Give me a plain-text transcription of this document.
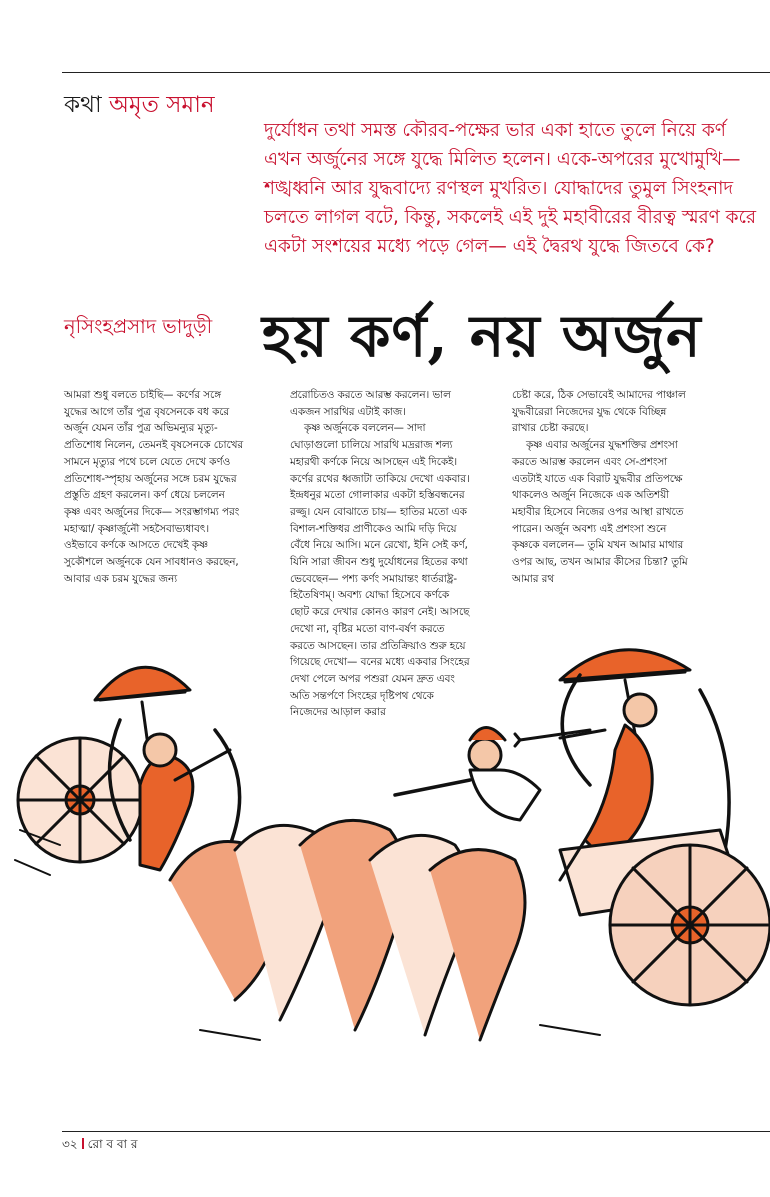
কথা অমৃত সমান

দুর্যোধন তথা সমস্ত কৌরব-পক্ষের ভার একা হাতে তুলে নিয়ে কর্ণ এখন অর্জুনের সঙ্গে যুদ্ধে মিলিত হলেন। একে-অপরের মুখোমুখি— শঙ্খধ্বনি আর যুদ্ধবাদ্যে রণস্থল মুখরিত। যোদ্ধাদের তুমুল সিংহনাদ চলতে লাগল বটে, কিন্তু, সকলেই এই দুই মহাবীরের বীরত্ব স্মরণ করে একটা সংশয়ের মধ্যে পড়ে গেল— এই দ্বৈরথ যুদ্ধে জিতবে কে?

নৃসিংহপ্রসাদ ভাদুড়ী হয় কর্ণ, নয় অর্জুন

আমরা শুধু বলতে চাইছি— কর্ণের সঙ্গে যুদ্ধের আগে তাঁর পুত্র বৃষসেনকে বধ করে অর্জুন যেমন তাঁর পুত্র অভিমন্যুর মৃত্যু-প্রতিশোধ নিলেন, তেমনই বৃষসেনকে চোখের সামনে মৃত্যুর পথে চলে যেতে দেখে কর্ণও প্রতিশোধ-স্পৃহায় অর্জুনের সঙ্গে চরম যুদ্ধের প্রস্তুতি গ্রহণ করলেন। কর্ণ ধেয়ে চললেন কৃষ্ণ এবং অর্জুনের দিকে— সংরম্ভাগম্য পরং মহাত্মা/ কৃষ্ণার্জুনৌ সহসৈবাভ্যধাবৎ। ওইভাবে কর্ণকে আসতে দেখেই কৃষ্ণ সুকৌশলে অর্জুনকে যেন সাবধানও করছেন, আবার এক চরম যুদ্ধের জন্য

প্ররোচিতও করতে আরম্ভ করলেন। ভাল একজন সারথির এটাই কাজ।

কৃষ্ণ অর্জুনকে বললেন— সাদা ঘোড়াগুলো চালিয়ে সারথি মদ্ররাজ শল্য মহারথী কর্ণকে নিয়ে আসছেন এই দিকেই। কর্ণের রথের ধ্বজাটা তাকিয়ে দেখো একবার। ইন্দ্রধনুর মতো গোলাকার একটা হস্তিবন্ধনের রজ্জু। যেন বোঝাতে চায়— হাতির মতো এক বিশাল-শক্তিধর প্রাণীকেও আমি দড়ি দিয়ে বেঁধে নিয়ে আসি। মনে রেখো, ইনি সেই কর্ণ, যিনি সারা জীবন শুধু দুর্যোধনের হিতের কথা ভেবেছেন— পশ্য কর্ণং সমায়ান্তং ধার্তরাষ্ট্র-হিতৈষিণম্। অবশ্য যোদ্ধা হিসেবে কর্ণকে ছোট করে দেখার কোনও কারণ নেই। আসছে দেখো না, বৃষ্টির মতো বাণ-বর্ষণ করতে করতে আসছেন। তার প্রতিক্রিয়াও শুরু হয়ে গিয়েছে দেখো— বনের মধ্যে একবার সিংহের দেখা পেলে অপর পশুরা যেমন দ্রুত এবং অতি সন্তর্পণে সিংহের দৃষ্টিপথ থেকে নিজেদের আড়াল করার

চেষ্টা করে, ঠিক সেভাবেই আমাদের পাঞ্চাল যুদ্ধবীরেরা নিজেদের যুদ্ধ থেকে বিচ্ছিন্ন রাখার চেষ্টা করছে।

কৃষ্ণ এবার অর্জুনের যুদ্ধশক্তির প্রশংসা করতে আরম্ভ করলেন এবং সে-প্রশংসা এতটাই যাতে এক বিরাট যুদ্ধবীর প্রতিপক্ষে থাকলেও অর্জুন নিজেকে এক অতিশয়ী মহাবীর হিসেবে নিজের ওপর আস্থা রাখতে পারেন। অর্জুন অবশ্য এই প্রশংসা শুনে কৃষ্ণকে বললেন— তুমি যখন আমার মাথার ওপর আছ, তখন আমার কীসের চিন্তা? তুমি আমার রথ

৩২ রো ব বা র
